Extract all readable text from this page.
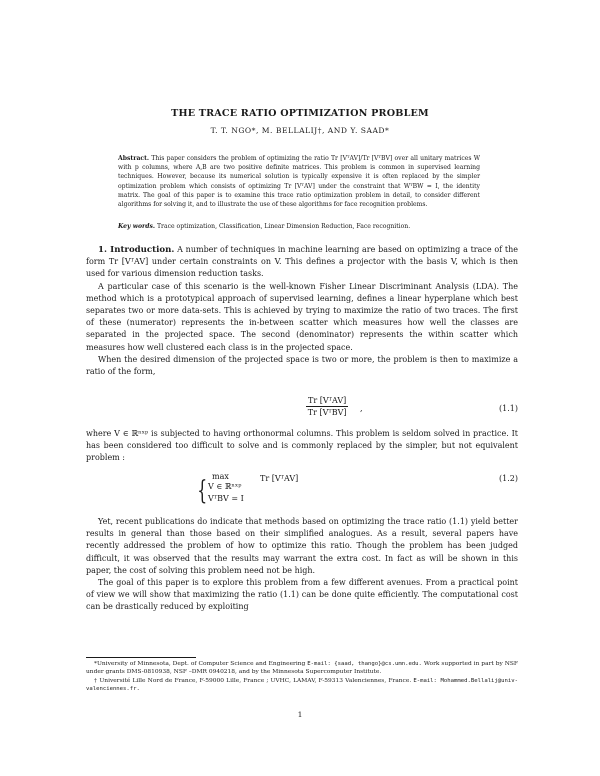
THE TRACE RATIO OPTIMIZATION PROBLEM
T. T. NGO*, M. BELLALIJ†, AND Y. SAAD*
Abstract. This paper considers the problem of optimizing the ratio Tr [VᵀAV]/Tr [VᵀBV] over all unitary matrices W with p columns, where A,B are two positive definite matrices. This problem is common in supervised learning techniques. However, because its numerical solution is typically expensive it is often replaced by the simpler optimization problem which consists of optimizing Tr [VᵀAV] under the constraint that WᵀBW = I, the identity matrix. The goal of this paper is to examine this trace ratio optimization problem in detail, to consider different algorithms for solving it, and to illustrate the use of these algorithms for face recognition problems.
Key words. Trace optimization, Classification, Linear Dimension Reduction, Face recognition.

1. Introduction. A number of techniques in machine learning are based on optimizing a trace of the form Tr [VᵀAV] under certain constraints on V. This defines a projector with the basis V, which is then used for various dimension reduction tasks.

A particular case of this scenario is the well-known Fisher Linear Discriminant Analysis (LDA). The method which is a prototypical approach of supervised learning, defines a linear hyperplane which best separates two or more data-sets. This is achieved by trying to maximize the ratio of two traces. The first of these (numerator) represents the in-between scatter which measures how well the classes are separated in the projected space. The second (denominator) represents the within scatter which measures how well clustered each class is in the projected space.

When the desired dimension of the projected space is two or more, the problem is then to maximize a ratio of the form,

Tr [VᵀAV]
Tr [VᵀBV] ,	(1.1)

where V ∈ ℝⁿˣᵖ is subjected to having orthonormal columns. This problem is seldom solved in practice. It has been considered too difficult to solve and is commonly replaced by the simpler, but not equivalent problem :

max
{ V ∈ ℝⁿˣᵖ
VᵀBV = I
Tr [VᵀAV]	(1.2)

Yet, recent publications do indicate that methods based on optimizing the trace ratio (1.1) yield better results in general than those based on their simplified analogues. As a result, several papers have recently addressed the problem of how to optimize this ratio. Though the problem has been judged difficult, it was observed that the results may warrant the extra cost. In fact as will be shown in this paper, the cost of solving this problem need not be high.

The goal of this paper is to explore this problem from a few different avenues. From a practical point of view we will show that maximizing the ratio (1.1) can be done quite efficiently. The computational cost can be drastically reduced by exploiting

*University of Minnesota, Dept. of Computer Science and Engineering E-mail: {saad, thango}@cs.umn.edu. Work supported in part by NSF under grants DMS-0810938, NSF –DMR 0940218, and by the Minnesota Supercomputer Institute.

† Université Lille Nord de France, F-59000 Lille, France ; UVHC, LAMAV, F-59313 Valenciennes, France. E-mail: Mohammed.Bellalij@univ-valenciennes.fr.

1
